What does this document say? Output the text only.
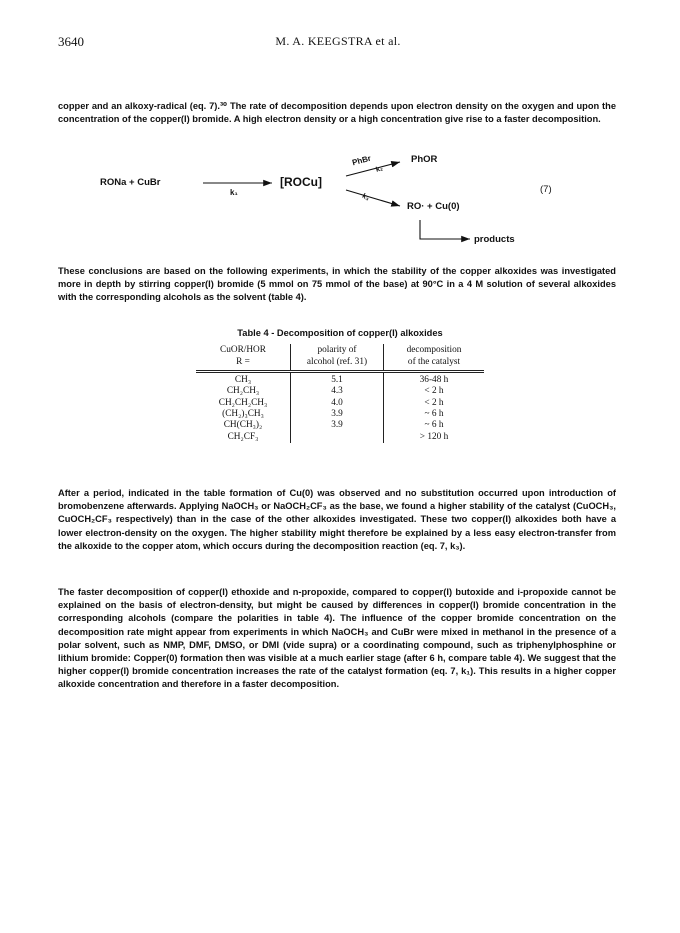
3640	M. A. KEEGSTRA et al.

copper and an alkoxy-radical (eq. 7).³⁰ The rate of decomposition depends upon electron density on the oxygen and upon the concentration of the copper(I) bromide. A high electron density or a high concentration give rise to a faster decomposition.

RONa + CuBr
k₁
[ROCu]
PhBr
k₂
PhOR
k₃
RO· + Cu(0)
products
(7)

These conclusions are based on the following experiments, in which the stability of the copper alkoxides was investigated more in depth by stirring copper(I) bromide (5 mmol on 75 mmol of the base) at 90°C in a 4 M solution of several alkoxides with the corresponding alcohols as the solvent (table 4).

Table 4 - Decomposition of copper(I) alkoxides
CuOR/HOR	polarity of	decomposition
R =	alcohol (ref. 31)	of the catalyst
CH₃	5.1	36-48 h
CH₂CH₃	4.3	< 2 h
CH₂CH₂CH₃	4.0	< 2 h
(CH₂)₃CH₃	3.9	~ 6 h
CH(CH₃)₂	3.9	~ 6 h
CH₂CF₃		> 120 h

After a period, indicated in the table formation of Cu(0) was observed and no substitution occurred upon introduction of bromobenzene afterwards. Applying NaOCH₃ or NaOCH₂CF₃ as the base, we found a higher stability of the catalyst (CuOCH₃, CuOCH₂CF₃ respectively) than in the case of the other alkoxides investigated. These two copper(I) alkoxides both have a lower electron-density on the oxygen. The higher stability might therefore be explained by a less easy electron-transfer from the alkoxide to the copper atom, which occurs during the decomposition reaction (eq. 7, k₃).

The faster decomposition of copper(I) ethoxide and n-propoxide, compared to copper(I) butoxide and i-propoxide cannot be explained on the basis of electron-density, but might be caused by differences in copper(I) bromide concentration in the corresponding alcohols (compare the polarities in table 4). The influence of the copper bromide concentration on the decomposition rate might appear from experiments in which NaOCH₃ and CuBr were mixed in methanol in the presence of a polar solvent, such as NMP, DMF, DMSO, or DMI (vide supra) or a coordinating compound, such as triphenylphosphine or lithium bromide: Copper(0) formation then was visible at a much earlier stage (after 6 h, compare table 4). We suggest that the higher copper(I) bromide concentration increases the rate of the catalyst formation (eq. 7, k₁). This results in a higher copper alkoxide concentration and therefore in a faster decomposition.
